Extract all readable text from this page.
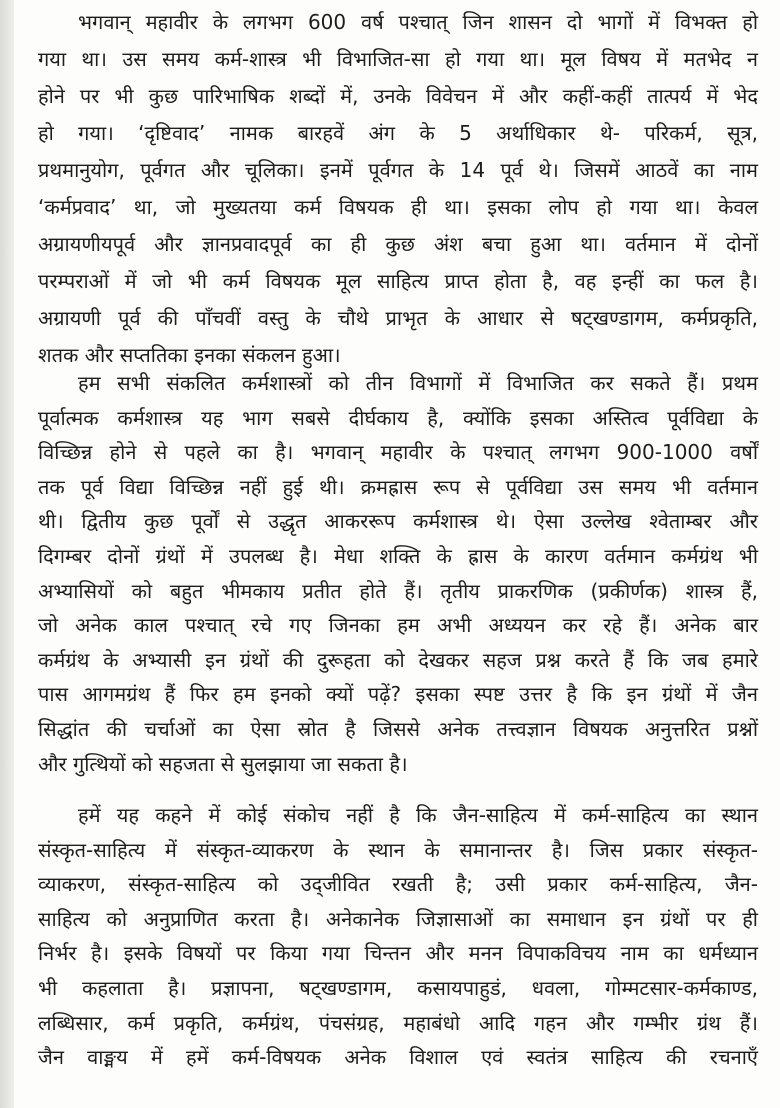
भगवान् महावीर के लगभग 600 वर्ष पश्चात् जिन शासन दो भागों में विभक्त हो
गया था। उस समय कर्म-शास्त्र भी विभाजित-सा हो गया था। मूल विषय में मतभेद न
होने पर भी कुछ पारिभाषिक शब्दों में, उनके विवेचन में और कहीं-कहीं तात्पर्य में भेद
हो गया। ‘दृष्टिवाद’ नामक बारहवें अंग के 5 अर्थाधिकार थे- परिकर्म, सूत्र,
प्रथमानुयोग, पूर्वगत और चूलिका। इनमें पूर्वगत के 14 पूर्व थे। जिसमें आठवें का नाम
‘कर्मप्रवाद’ था, जो मुख्यतया कर्म विषयक ही था। इसका लोप हो गया था। केवल
अग्रायणीयपूर्व और ज्ञानप्रवादपूर्व का ही कुछ अंश बचा हुआ था। वर्तमान में दोनों
परम्पराओं में जो भी कर्म विषयक मूल साहित्य प्राप्त होता है, वह इन्हीं का फल है।
अग्रायणी पूर्व की पाँचवीं वस्तु के चौथे प्राभृत के आधार से षट्खण्डागम, कर्मप्रकृति,
शतक और सप्ततिका इनका संकलन हुआ।
हम सभी संकलित कर्मशास्त्रों को तीन विभागों में विभाजित कर सकते हैं। प्रथम
पूर्वात्मक कर्मशास्त्र यह भाग सबसे दीर्घकाय है, क्योंकि इसका अस्तित्व पूर्वविद्या के
विच्छिन्न होने से पहले का है। भगवान् महावीर के पश्चात् लगभग 900-1000 वर्षों
तक पूर्व विद्या विच्छिन्न नहीं हुई थी। क्रमह्रास रूप से पूर्वविद्या उस समय भी वर्तमान
थी। द्वितीय कुछ पूर्वों से उद्धृत आकररूप कर्मशास्त्र थे। ऐसा उल्लेख श्वेताम्बर और
दिगम्बर दोनों ग्रंथों में उपलब्ध है। मेधा शक्ति के ह्रास के कारण वर्तमान कर्मग्रंथ भी
अभ्यासियों को बहुत भीमकाय प्रतीत होते हैं। तृतीय प्राकरणिक (प्रकीर्णक) शास्त्र हैं,
जो अनेक काल पश्चात् रचे गए जिनका हम अभी अध्ययन कर रहे हैं। अनेक बार
कर्मग्रंथ के अभ्यासी इन ग्रंथों की दुरूहता को देखकर सहज प्रश्न करते हैं कि जब हमारे
पास आगमग्रंथ हैं फिर हम इनको क्यों पढ़ें? इसका स्पष्ट उत्तर है कि इन ग्रंथों में जैन
सिद्धांत की चर्चाओं का ऐसा स्रोत है जिससे अनेक तत्त्वज्ञान विषयक अनुत्तरित प्रश्नों
और गुत्थियों को सहजता से सुलझाया जा सकता है।
हमें यह कहने में कोई संकोच नहीं है कि जैन-साहित्य में कर्म-साहित्य का स्थान
संस्कृत-साहित्य में संस्कृत-व्याकरण के स्थान के समानान्तर है। जिस प्रकार संस्कृत-
व्याकरण, संस्कृत-साहित्य को उद्जीवित रखती है; उसी प्रकार कर्म-साहित्य, जैन-
साहित्य को अनुप्राणित करता है। अनेकानेक जिज्ञासाओं का समाधान इन ग्रंथों पर ही
निर्भर है। इसके विषयों पर किया गया चिन्तन और मनन विपाकविचय नाम का धर्मध्यान
भी कहलाता है। प्रज्ञापना, षट्खण्डागम, कसायपाहुडं, धवला, गोम्मटसार-कर्मकाण्ड,
लब्धिसार, कर्म प्रकृति, कर्मग्रंथ, पंचसंग्रह, महाबंधो आदि गहन और गम्भीर ग्रंथ हैं।
जैन वाङ्मय में हमें कर्म-विषयक अनेक विशाल एवं स्वतंत्र साहित्य की रचनाएँ
